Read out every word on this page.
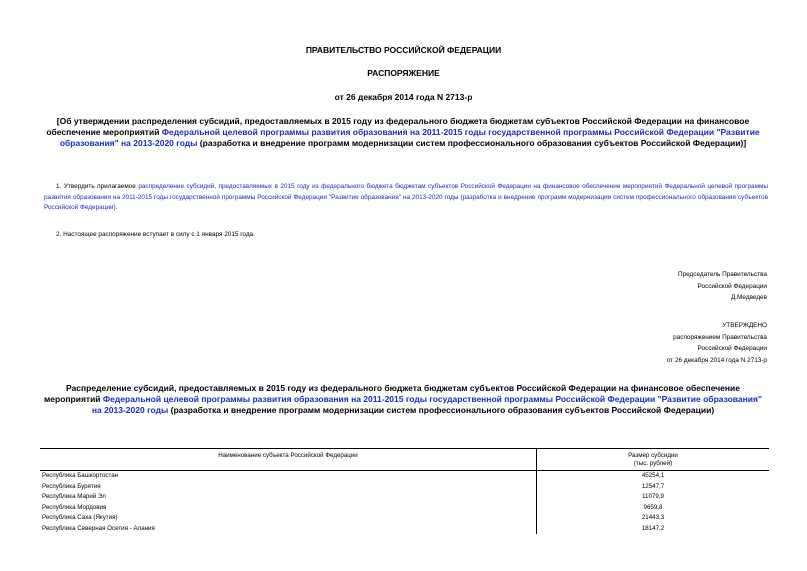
ПРАВИТЕЛЬСТВО РОССИЙСКОЙ ФЕДЕРАЦИИ
РАСПОРЯЖЕНИЕ
от 26 декабря 2014 года N 2713-р
[Об утверждении распределения субсидий, предоставляемых в 2015 году из федерального бюджета бюджетам субъектов Российской Федерации на финансовое обеспечение мероприятий Федеральной целевой программы развития образования на 2011-2015 годы государственной программы Российской Федерации "Развитие образования" на 2013-2020 годы (разработка и внедрение программ модернизации систем профессионального образования субъектов Российской Федерации)]
1. Утвердить прилагаемое распределение субсидий, предоставляемых в 2015 году из федерального бюджета бюджетам субъектов Российской Федерации на финансовое обеспечение мероприятий Федеральной целевой программы развития образования на 2011-2015 годы государственной программы Российской Федерации "Развитие образования" на 2013-2020 годы (разработка и внедрение программ модернизации систем профессионального образования субъектов Российской Федерации).
2. Настоящее распоряжение вступает в силу с 1 января 2015 года.
Председатель Правительства
Российской Федерации
Д.Медведев
УТВЕРЖДЕНО
распоряжением Правительства
Российской Федерации
от 26 декабря 2014 года N 2713-р
Распределение субсидий, предоставляемых в 2015 году из федерального бюджета бюджетам субъектов Российской Федерации на финансовое обеспечение мероприятий Федеральной целевой программы развития образования на 2011-2015 годы государственной программы Российской Федерации "Развитие образования" на 2013-2020 годы (разработка и внедрение программ модернизации систем профессионального образования субъектов Российской Федерации)
Наименование субъекта Российской Федерации	Размер субсидии
(тыс. рублей)

Республика Башкортостан	45254,1
Республика Бурятия	12547,7
Республика Марий Эл	11079,9
Республика Мордовия	9659,8
Республика Саха (Якутия)	21443,3
Республика Северная Осетия - Алания	18147,2
